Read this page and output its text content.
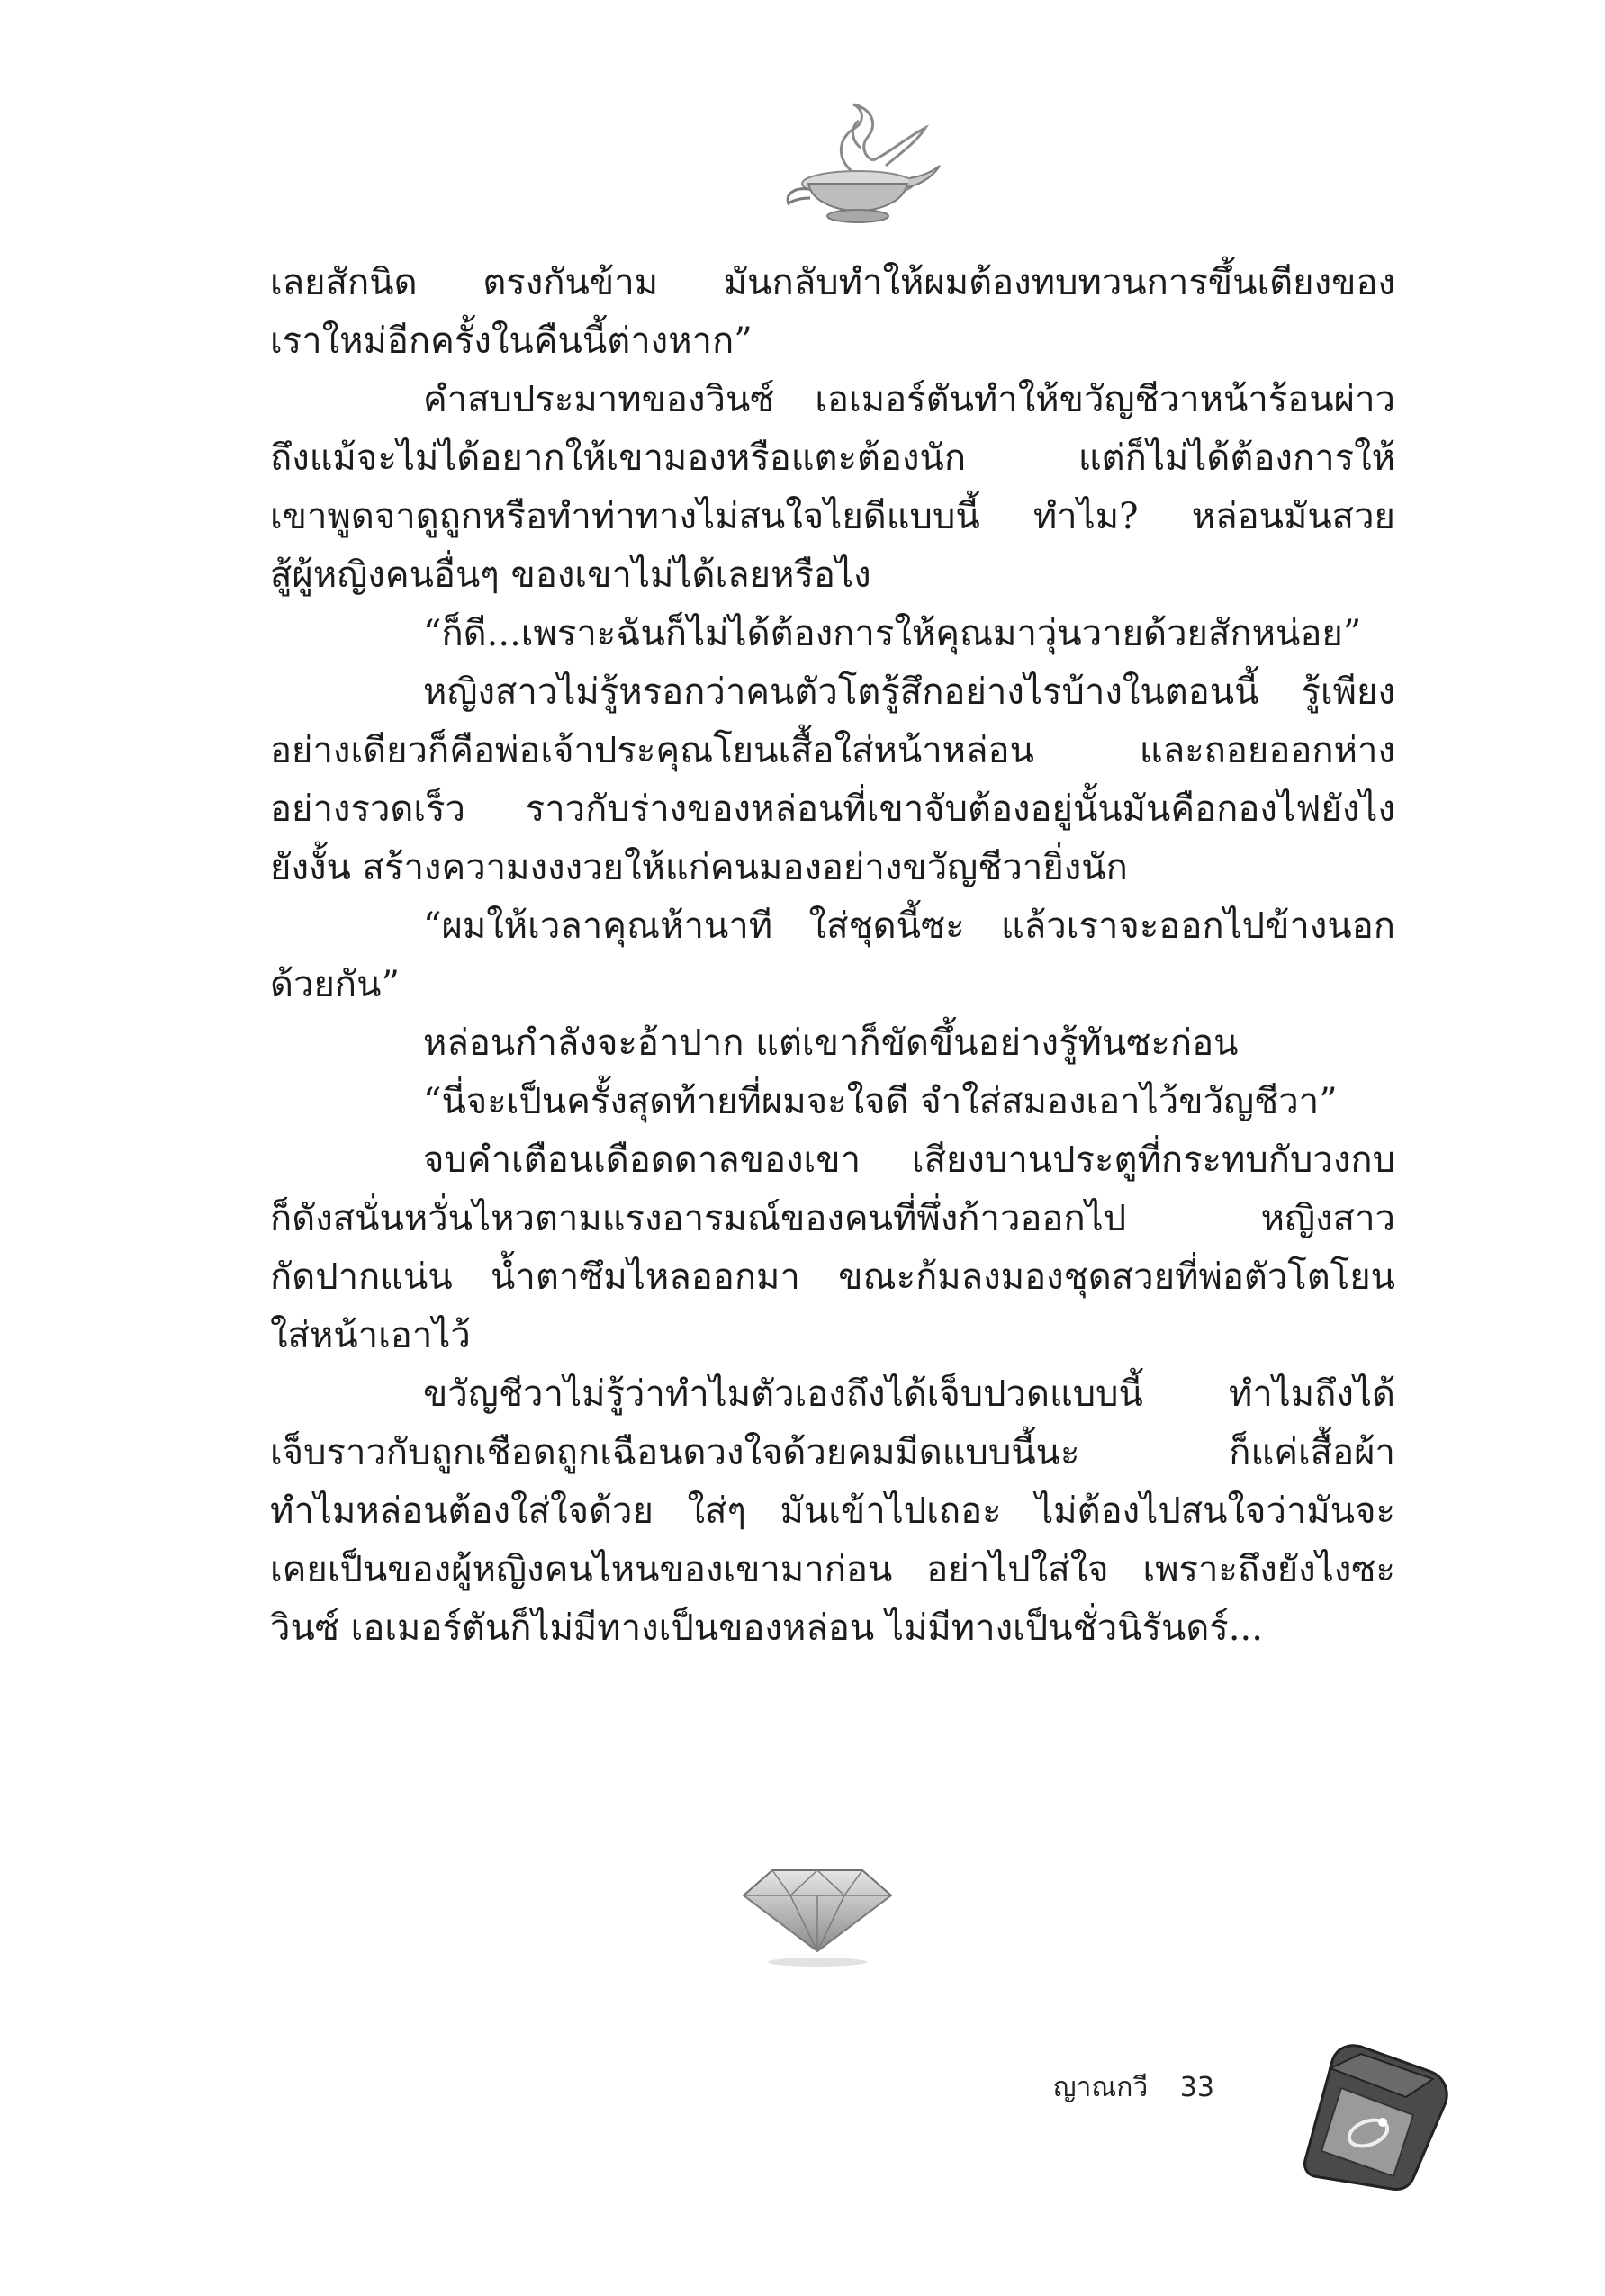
เลยสักนิด ตรงกันข้าม มันกลับทำให้ผมต้องทบทวนการขึ้นเตียงของ
เราใหม่อีกครั้งในคืนนี้ต่างหาก”
คำสบประมาทของวินซ์ เอเมอร์ตันทำให้ขวัญชีวาหน้าร้อนผ่าว
ถึงแม้จะไม่ได้อยากให้เขามองหรือแตะต้องนัก แต่ก็ไม่ได้ต้องการให้
เขาพูดจาดูถูกหรือทำท่าทางไม่สนใจไยดีแบบนี้ ทำไม? หล่อนมันสวย
สู้ผู้หญิงคนอื่นๆ ของเขาไม่ได้เลยหรือไง
“ก็ดี...เพราะฉันก็ไม่ได้ต้องการให้คุณมาวุ่นวายด้วยสักหน่อย”
หญิงสาวไม่รู้หรอกว่าคนตัวโตรู้สึกอย่างไรบ้างในตอนนี้ รู้เพียง
อย่างเดียวก็คือพ่อเจ้าประคุณโยนเสื้อใส่หน้าหล่อน และถอยออกห่าง
อย่างรวดเร็ว ราวกับร่างของหล่อนที่เขาจับต้องอยู่นั้นมันคือกองไฟยังไง
ยังงั้น สร้างความงงงวยให้แก่คนมองอย่างขวัญชีวายิ่งนัก
“ผมให้เวลาคุณห้านาที ใส่ชุดนี้ซะ แล้วเราจะออกไปข้างนอก
ด้วยกัน”
หล่อนกำลังจะอ้าปาก แต่เขาก็ขัดขึ้นอย่างรู้ทันซะก่อน
“นี่จะเป็นครั้งสุดท้ายที่ผมจะใจดี จำใส่สมองเอาไว้ขวัญชีวา”
จบคำเตือนเดือดดาลของเขา เสียงบานประตูที่กระทบกับวงกบ
ก็ดังสนั่นหวั่นไหวตามแรงอารมณ์ของคนที่พึ่งก้าวออกไป หญิงสาว
กัดปากแน่น น้ำตาซึมไหลออกมา ขณะก้มลงมองชุดสวยที่พ่อตัวโตโยน
ใส่หน้าเอาไว้
ขวัญชีวาไม่รู้ว่าทำไมตัวเองถึงได้เจ็บปวดแบบนี้ ทำไมถึงได้
เจ็บราวกับถูกเชือดถูกเฉือนดวงใจด้วยคมมีดแบบนี้นะ ก็แค่เสื้อผ้า
ทำไมหล่อนต้องใส่ใจด้วย ใส่ๆ มันเข้าไปเถอะ ไม่ต้องไปสนใจว่ามันจะ
เคยเป็นของผู้หญิงคนไหนของเขามาก่อน อย่าไปใส่ใจ เพราะถึงยังไงซะ
วินซ์ เอเมอร์ตันก็ไม่มีทางเป็นของหล่อน ไม่มีทางเป็นชั่วนิรันดร์...
ญาณกวี 33
